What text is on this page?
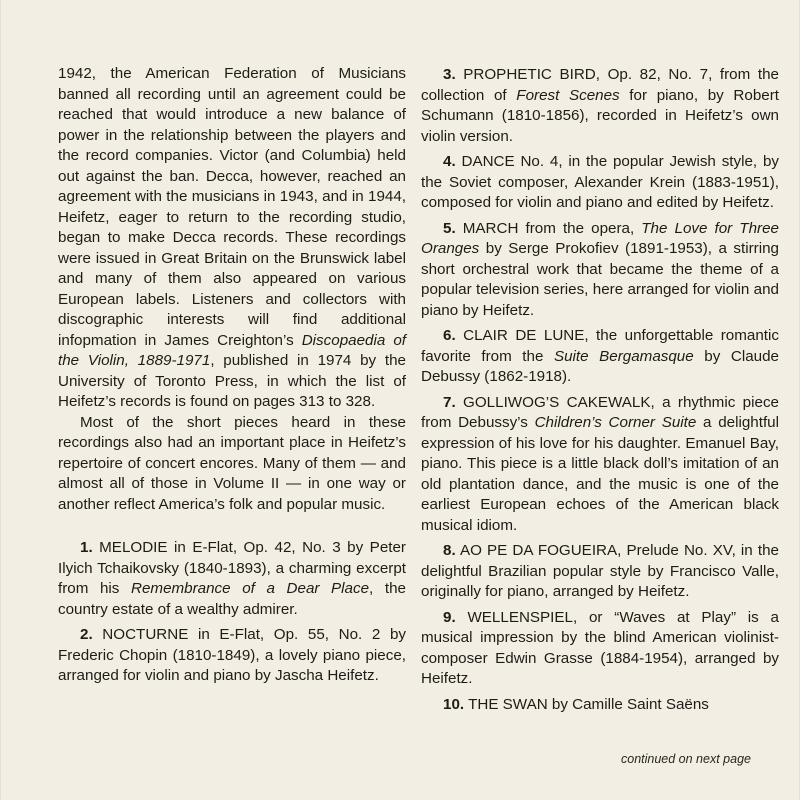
1942, the American Federation of Musicians banned all recording until an agreement could be reached that would introduce a new balance of power in the relationship between the players and the record companies. Victor (and Columbia) held out against the ban. Decca, however, reached an agreement with the musicians in 1943, and in 1944, Heifetz, eager to return to the recording studio, began to make Decca records. These recordings were issued in Great Britain on the Brunswick label and many of them also appeared on various European labels. Listeners and collectors with discographic interests will find additional infopmation in James Creighton’s Discopaedia of the Violin, 1889-1971, published in 1974 by the University of Toronto Press, in which the list of Heifetz’s records is found on pages 313 to 328.

Most of the short pieces heard in these recordings also had an important place in Heifetz’s repertoire of concert encores. Many of them — and almost all of those in Volume II — in one way or another reflect America’s folk and popular music.

1. MELODIE in E-Flat, Op. 42, No. 3 by Peter Ilyich Tchaikovsky (1840-1893), a charming excerpt from his Remembrance of a Dear Place, the country estate of a wealthy admirer.

2. NOCTURNE in E-Flat, Op. 55, No. 2 by Frederic Chopin (1810-1849), a lovely piano piece, arranged for violin and piano by Jascha Heifetz.

3. PROPHETIC BIRD, Op. 82, No. 7, from the collection of Forest Scenes for piano, by Robert Schumann (1810-1856), recorded in Heifetz’s own violin version.

4. DANCE No. 4, in the popular Jewish style, by the Soviet composer, Alexander Krein (1883-1951), composed for violin and piano and edited by Heifetz.

5. MARCH from the opera, The Love for Three Oranges by Serge Prokofiev (1891-1953), a stirring short orchestral work that became the theme of a popular television series, here arranged for violin and piano by Heifetz.

6. CLAIR DE LUNE, the unforgettable romantic favorite from the Suite Bergamasque by Claude Debussy (1862-1918).

7. GOLLIWOG’S CAKEWALK, a rhythmic piece from Debussy’s Children’s Corner Suite a delightful expression of his love for his daughter. Emanuel Bay, piano. This piece is a little black doll’s imitation of an old plantation dance, and the music is one of the earliest European echoes of the American black musical idiom.

8. AO PE DA FOGUEIRA, Prelude No. XV, in the delightful Brazilian popular style by Francisco Valle, originally for piano, arranged by Heifetz.

9. WELLENSPIEL, or “Waves at Play” is a musical impression by the blind American violinist-composer Edwin Grasse (1884-1954), arranged by Heifetz.

10. THE SWAN by Camille Saint Saëns

continued on next page
